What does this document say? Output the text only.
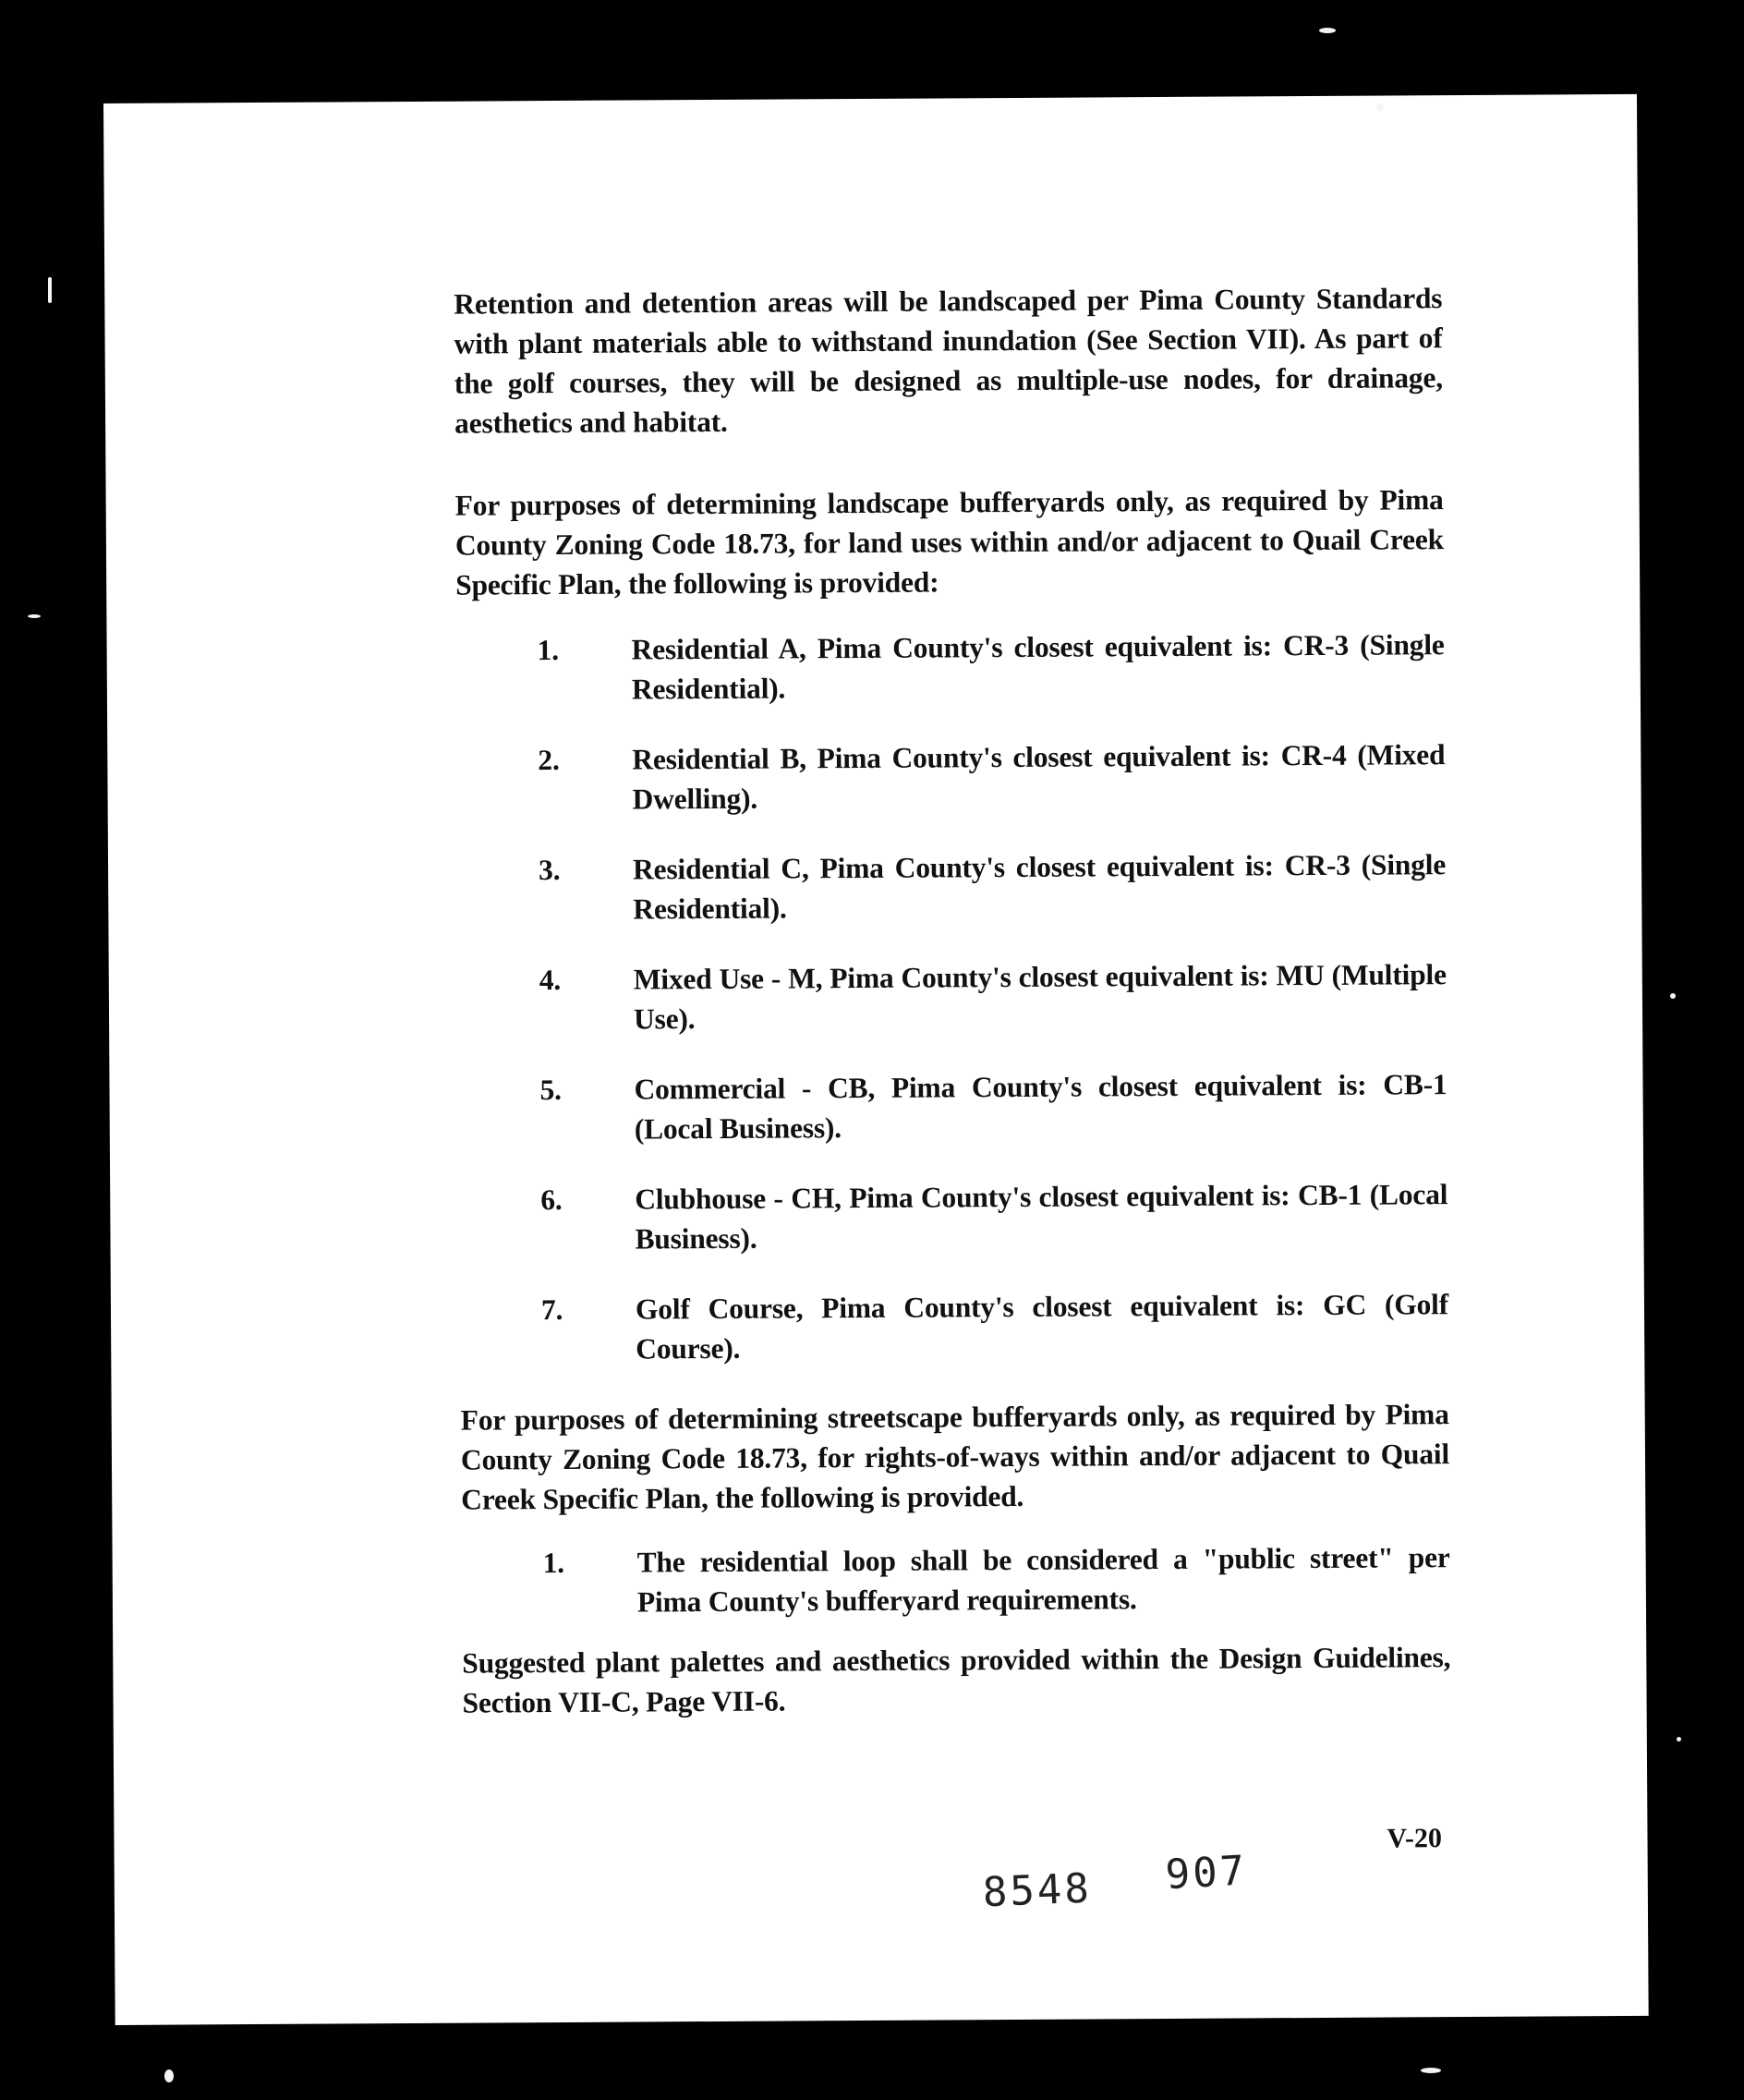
Retention and detention areas will be landscaped per Pima County Standards with plant materials able to withstand inundation (See Section VII). As part of the golf courses, they will be designed as multiple-use nodes, for drainage, aesthetics and habitat.

For purposes of determining landscape bufferyards only, as required by Pima County Zoning Code 18.73, for land uses within and/or adjacent to Quail Creek Specific Plan, the following is provided:

1. Residential A, Pima County's closest equivalent is: CR-3 (Single Residential).
2. Residential B, Pima County's closest equivalent is: CR-4 (Mixed Dwelling).
3. Residential C, Pima County's closest equivalent is: CR-3 (Single Residential).
4. Mixed Use - M, Pima County's closest equivalent is: MU (Multiple Use).
5. Commercial - CB, Pima County's closest equivalent is: CB-1 (Local Business).
6. Clubhouse - CH, Pima County's closest equivalent is: CB-1 (Local Business).
7. Golf Course, Pima County's closest equivalent is: GC (Golf Course).

For purposes of determining streetscape bufferyards only, as required by Pima County Zoning Code 18.73, for rights-of-ways within and/or adjacent to Quail Creek Specific Plan, the following is provided.

1. The residential loop shall be considered a "public street" per Pima County's bufferyard requirements.

Suggested plant palettes and aesthetics provided within the Design Guidelines, Section VII-C, Page VII-6.

V-20
8548 907
